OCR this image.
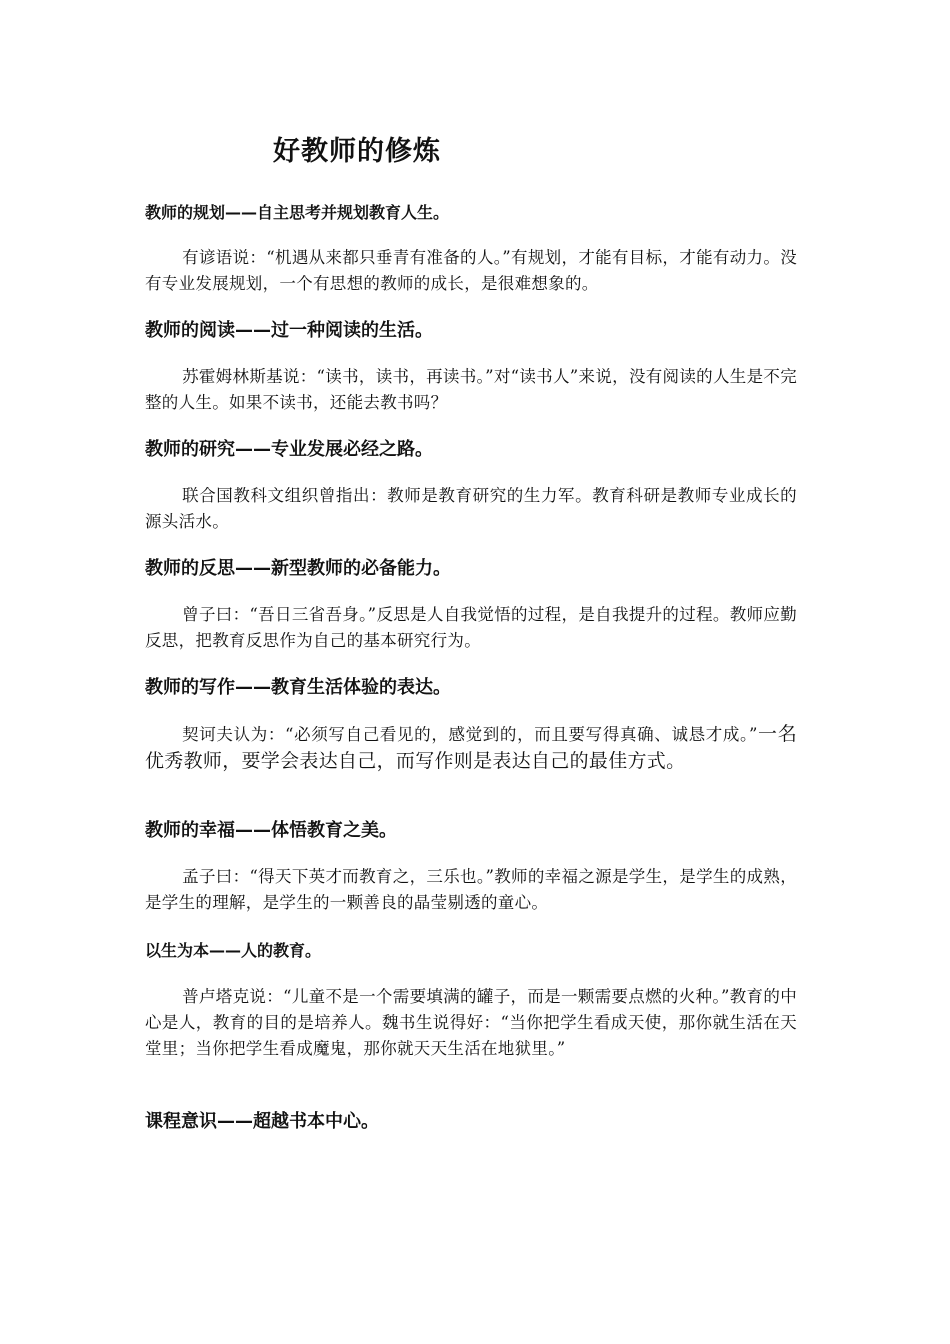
好教师的修炼
教师的规划——自主思考并规划教育人生。
有谚语说：“机遇从来都只垂青有准备的人。”有规划，才能有目标，才能有动力。没有专业发展规划，一个有思想的教师的成长，是很难想象的。
教师的阅读——过一种阅读的生活。
苏霍姆林斯基说：“读书，读书，再读书。”对“读书人”来说，没有阅读的人生是不完整的人生。如果不读书，还能去教书吗？
教师的研究——专业发展必经之路。
联合国教科文组织曾指出：教师是教育研究的生力军。教育科研是教师专业成长的源头活水。
教师的反思——新型教师的必备能力。
曾子曰：“吾日三省吾身。”反思是人自我觉悟的过程，是自我提升的过程。教师应勤反思，把教育反思作为自己的基本研究行为。
教师的写作——教育生活体验的表达。
契诃夫认为：“必须写自己看见的，感觉到的，而且要写得真确、诚恳才成。”一名优秀教师，要学会表达自己，而写作则是表达自己的最佳方式。
教师的幸福——体悟教育之美。
孟子曰：“得天下英才而教育之，三乐也。”教师的幸福之源是学生，是学生的成熟，是学生的理解，是学生的一颗善良的晶莹剔透的童心。
以生为本——人的教育。
普卢塔克说：“儿童不是一个需要填满的罐子，而是一颗需要点燃的火种。”教育的中心是人，教育的目的是培养人。魏书生说得好：“当你把学生看成天使，那你就生活在天堂里；当你把学生看成魔鬼，那你就天天生活在地狱里。”
课程意识——超越书本中心。
